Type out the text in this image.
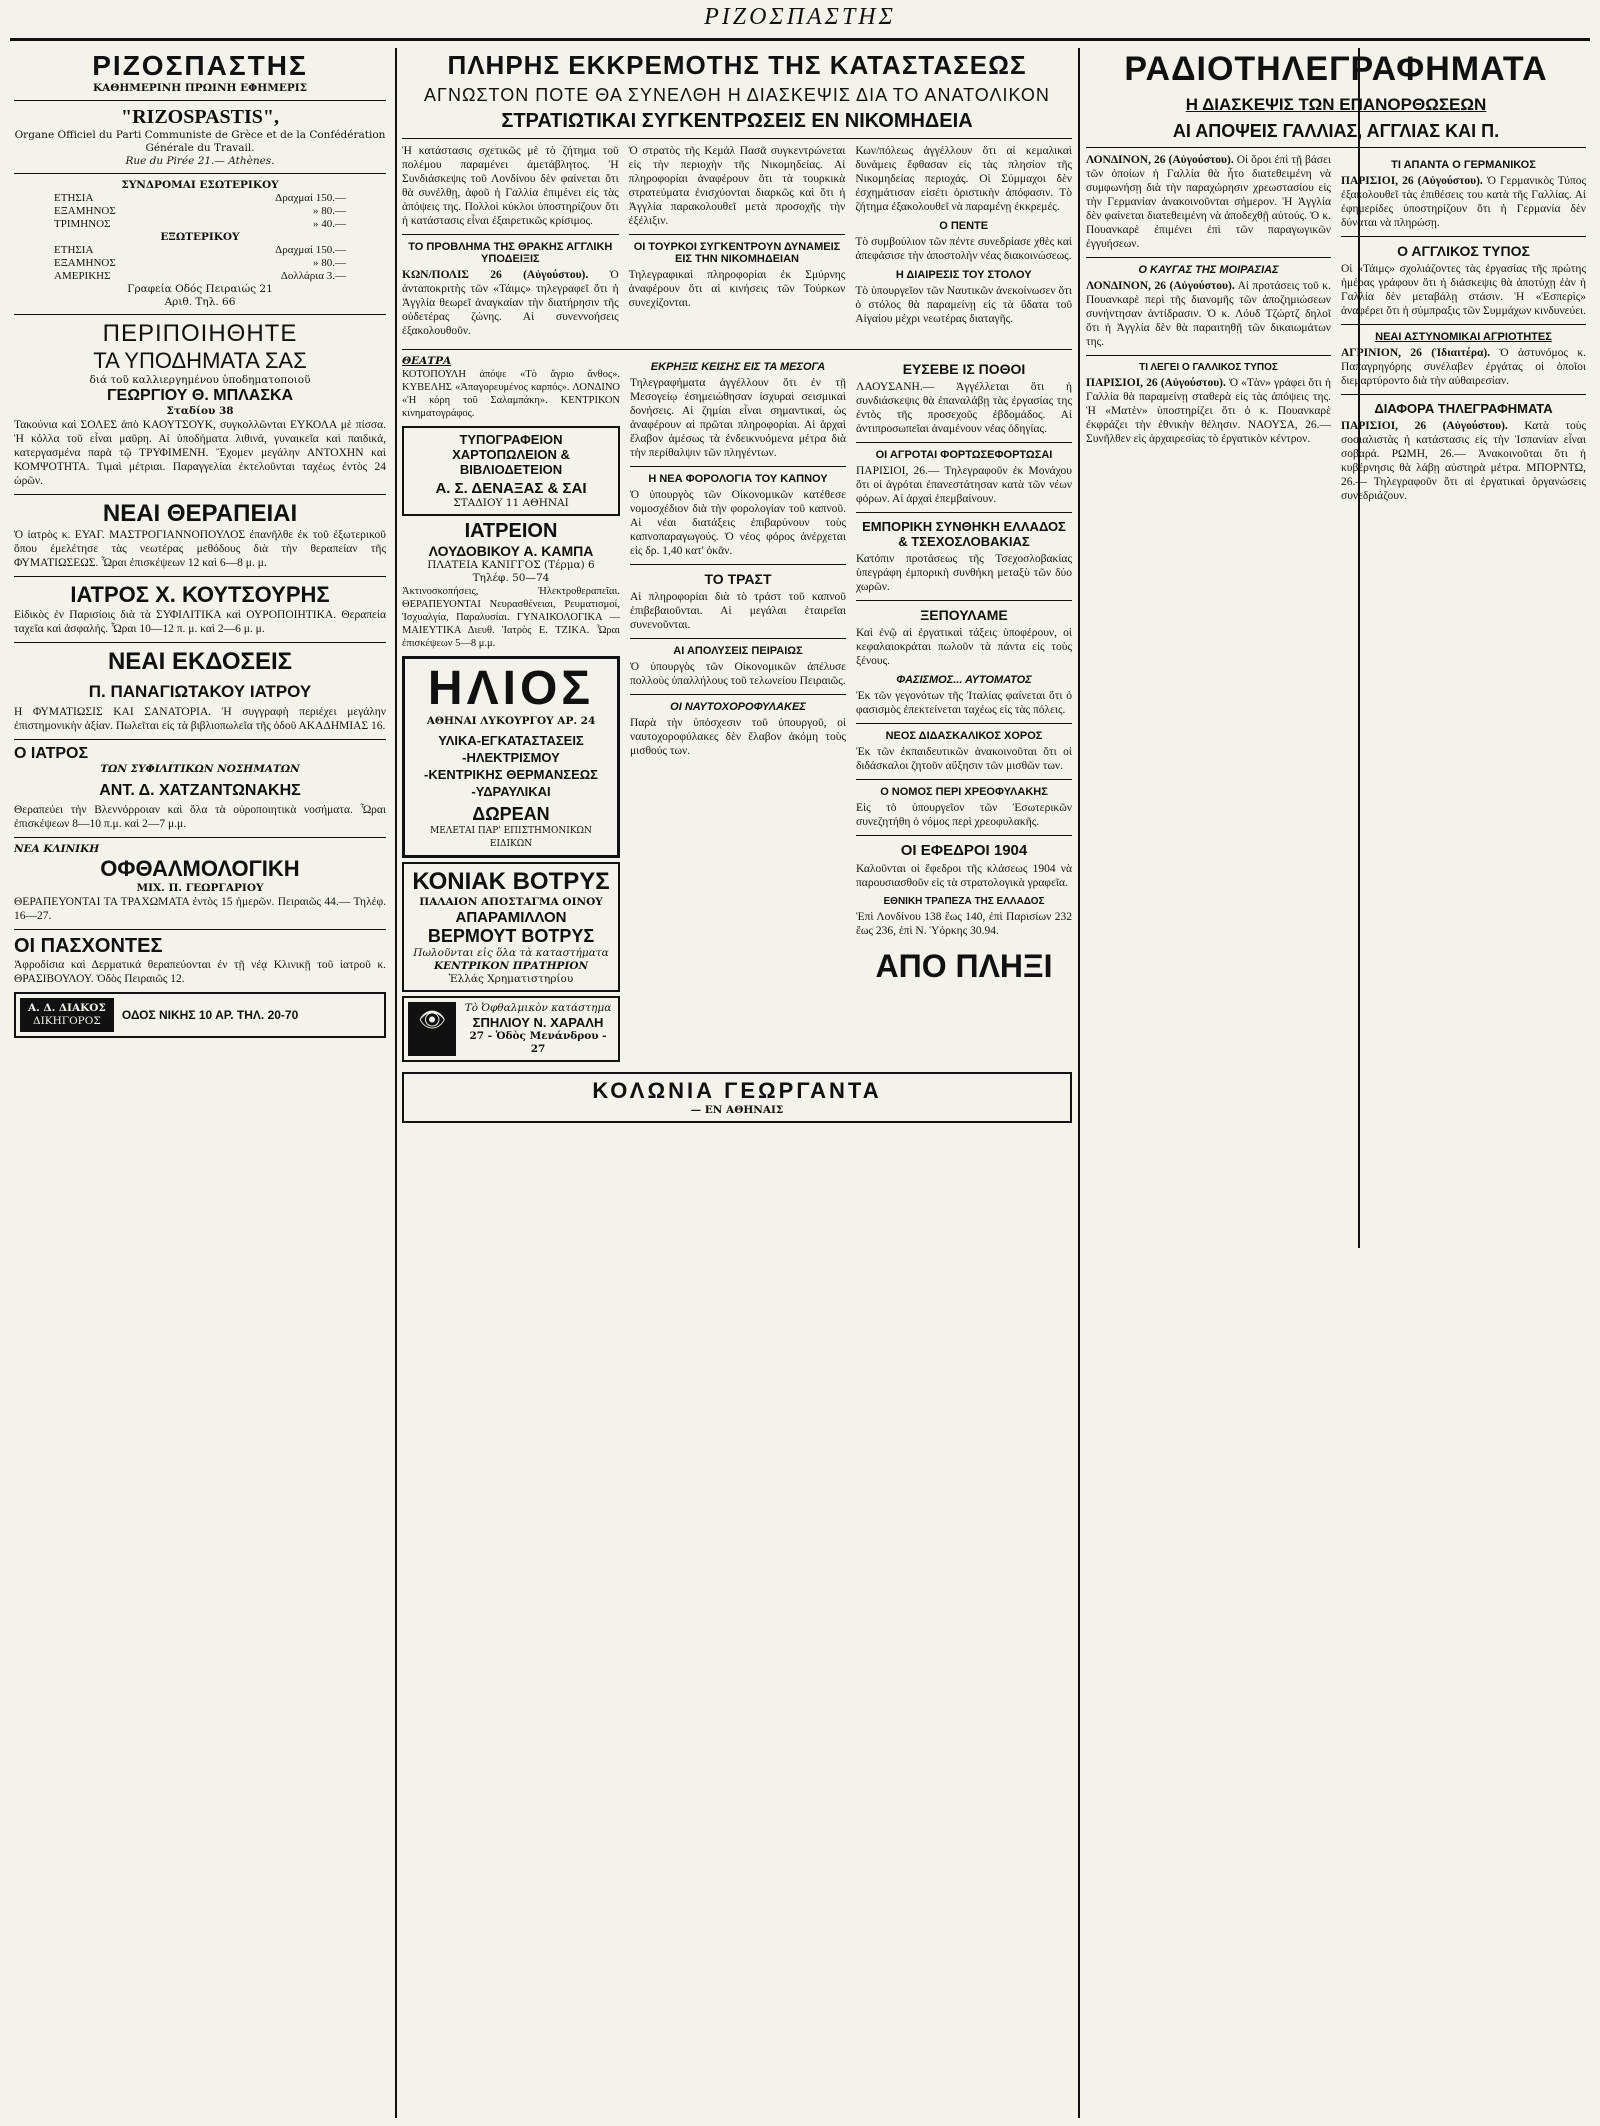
ΡΙΖΟΣΠΑΣΤΗΣ
ΡΙΖΟΣΠΑΣΤΗΣ
ΚΑΘΗΜΕΡΙΝΗ ΠΡΩΙΝΗ ΕΦΗΜΕΡΙΣ
"RIZOSPASTIS",
Organe Officiel du Parti Communiste de Grèce et de la Confédération Générale du Travail.
Rue du Pirée 21.— Athènes.
ΣΥΝΔΡΟΜΑΙ ΕΣΩΤΕΡΙΚΟΥ
ΕΤΗΣΙΑ	Δραχμαί 150.—
ΕΞΑΜΗΝΟΣ	» 80.—
ΤΡΙΜΗΝΟΣ	» 40.—
ΕΞΩΤΕΡΙΚΟΥ
ΕΤΗΣΙΑ	Δραχμαί 150.—
ΕΞΑΜΗΝΟΣ	» 80.—
ΑΜΕΡΙΚΗΣ	Δολλάρια 3.—
Γραφεία Οδός Πειραιώς 21
Αριθ. Τηλ. 66
ΠΕΡΙΠΟΙΗΘΗΤΕ
ΤΑ ΥΠΟΔΗΜΑΤΑ ΣΑΣ
διά τοῦ καλλιεργημένου ὑποδηματοποιοῦ
ΓΕΩΡΓΙΟΥ Θ. ΜΠΛΑΣΚΑ
Σταδίου 38

Τακούνια καὶ ΣΟΛΕΣ ἀπὸ ΚΑΟΥΤΣΟΥΚ, συγκολλῶνται ΕΥΚΟΛΑ μὲ πίσσα. Ἡ κόλλα τοῦ εἶναι μαῦρη. Αἱ ὑποδήματα λιθινά, γυναικεῖα καὶ παιδικά, κατεργασμένα παρὰ τῷ ΤΡΥΦΙΜΕΝΗ. Ἔχομεν μεγάλην ΑΝΤΟΧΗΝ καὶ ΚΟΜΨΟΤΗΤΑ. Τιμαὶ μέτριαι. Παραγγελίαι ἐκτελοῦνται ταχέως ἐντὸς 24 ὡρῶν.

ΝΕΑΙ ΘΕΡΑΠΕΙΑΙ

Ὁ ἰατρὸς κ. ΕΥΑΓ. ΜΑΣΤΡΟΓΙΑΝΝΟΠΟΥΛΟΣ ἐπανῆλθε ἐκ τοῦ ἐξωτερικοῦ ὅπου ἐμελέτησε τὰς νεωτέρας μεθόδους διὰ τὴν θεραπείαν τῆς ΦΥΜΑΤΙΩΣΕΩΣ. Ὧραι ἐπισκέψεων 12 καὶ 6—8 μ. μ.

ΙΑΤΡΟΣ Χ. ΚΟΥΤΣΟΥΡΗΣ

Εἰδικὸς ἐν Παρισίοις διὰ τὰ ΣΥΦΙΛΙΤΙΚΑ καὶ ΟΥΡΟΠΟΙΗΤΙΚΑ. Θεραπεία ταχεῖα καὶ ἀσφαλής. Ὧραι 10—12 π. μ. καὶ 2—6 μ. μ.

ΝΕΑΙ ΕΚΔΟΣΕΙΣ
Π. ΠΑΝΑΓΙΩΤΑΚΟΥ ΙΑΤΡΟΥ

Η ΦΥΜΑΤΙΩΣΙΣ ΚΑΙ ΣΑΝΑΤΟΡΙΑ. Ἡ συγγραφὴ περιέχει μεγάλην ἐπιστημονικὴν ἀξίαν. Πωλεῖται εἰς τὰ βιβλιοπωλεῖα τῆς ὁδοῦ ΑΚΑΔΗΜΙΑΣ 16.

Ο ΙΑΤΡΟΣ
ΤΩΝ ΣΥΦΙΛΙΤΙΚΩΝ ΝΟΣΗΜΑΤΩΝ
ΑΝΤ. Δ. ΧΑΤΖΑΝΤΩΝΑΚΗΣ

Θεραπεύει τὴν Βλεννόρροιαν καὶ ὅλα τὰ οὐροποιητικὰ νοσήματα. Ὧραι ἐπισκέψεων 8—10 π.μ. καὶ 2—7 μ.μ.

ΝΕΑ ΚΛΙΝΙΚΗ
ΟΦΘΑΛΜΟΛΟΓΙΚΗ
ΜΙΧ. Π. ΓΕΩΡΓΑΡΙΟΥ

ΘΕΡΑΠΕΥΟΝΤΑΙ ΤΑ ΤΡΑΧΩΜΑΤΑ ἐντὸς 15 ἡμερῶν. Πειραιῶς 44.— Τηλέφ. 16—27.

ΟΙ ΠΑΣΧΟΝΤΕΣ

Ἀφροδίσια καὶ Δερματικά θεραπεύονται ἐν τῇ νέᾳ Κλινικῇ τοῦ ἰατροῦ κ. ΘΡΑΣΙΒΟΥΛΟΥ. Ὁδὸς Πειραιῶς 12.

Α. Δ. ΔΙΑΚΟΣ
ΔΙΚΗΓΟΡΟΣ	ΟΔΟΣ ΝΙΚΗΣ 10 ΑΡ. ΤΗΛ. 20-70
ΠΛΗΡΗΣ ΕΚΚΡΕΜΟΤΗΣ ΤΗΣ ΚΑΤΑΣΤΑΣΕΩΣ
ΑΓΝΩΣΤΟΝ ΠΟΤΕ ΘΑ ΣΥΝΕΛΘΗ Η ΔΙΑΣΚΕΨΙΣ ΔΙΑ ΤΟ ΑΝΑΤΟΛΙΚΟΝ
ΣΤΡΑΤΙΩΤΙΚΑΙ ΣΥΓΚΕΝΤΡΩΣΕΙΣ ΕΝ ΝΙΚΟΜΗΔΕΙΑ

Ἡ κατάστασις σχετικῶς μὲ τὸ ζήτημα τοῦ πολέμου παραμένει ἀμετάβλητος. Ἡ Συνδιάσκεψις τοῦ Λονδίνου δὲν φαίνεται ὅτι θὰ συνέλθῃ, ἀφοῦ ἡ Γαλλία ἐπιμένει εἰς τὰς ἀπόψεις της. Πολλοὶ κύκλοι ὑποστηρίζουν ὅτι ἡ κατάστασις εἶναι ἐξαιρετικῶς κρίσιμος.

ΤΟ ΠΡΟΒΛΗΜΑ ΤΗΣ ΘΡΑΚΗΣ ΑΓΓΛΙΚΗ ΥΠΟΔΕΙΞΙΣ

ΚΩΝ/ΠΟΛΙΣ 26 (Αὐγούστου). Ὁ ἀνταποκριτὴς τῶν «Τάιμς» τηλεγραφεῖ ὅτι ἡ Ἀγγλία θεωρεῖ ἀναγκαίαν τὴν διατήρησιν τῆς οὐδετέρας ζώνης. Αἱ συνεννοήσεις ἐξακολουθοῦν.

Ὁ στρατὸς τῆς Κεμάλ Πασᾶ συγκεντρώνεται εἰς τὴν περιοχὴν τῆς Νικομηδείας. Αἱ πληροφορίαι ἀναφέρουν ὅτι τὰ τουρκικὰ στρατεύματα ἐνισχύονται διαρκῶς καὶ ὅτι ἡ Ἀγγλία παρακολουθεῖ μετὰ προσοχῆς τὴν ἐξέλιξιν.

ΟΙ ΤΟΥΡΚΟΙ ΣΥΓΚΕΝΤΡΟΥΝ ΔΥΝΑΜΕΙΣ ΕΙΣ ΤΗΝ ΝΙΚΟΜΗΔΕΙΑΝ

Τηλεγραφικαὶ πληροφορίαι ἐκ Σμύρνης ἀναφέρουν ὅτι αἱ κινήσεις τῶν Τούρκων συνεχίζονται.

Κων/πόλεως ἀγγέλλουν ὅτι αἱ κεμαλικαὶ δυνάμεις ἔφθασαν εἰς τὰς πλησίον τῆς Νικομηδείας περιοχάς. Οἱ Σύμμαχοι δὲν ἐσχημάτισαν εἰσέτι ὁριστικὴν ἀπόφασιν. Τὸ ζήτημα ἐξακολουθεῖ νὰ παραμένῃ ἐκκρεμές.

Ο ΠΕΝΤΕ

Τὸ συμβούλιον τῶν πέντε συνεδρίασε χθὲς καὶ ἀπεφάσισε τὴν ἀποστολὴν νέας διακοινώσεως.

Η ΔΙΑΙΡΕΣΙΣ ΤΟΥ ΣΤΟΛΟΥ

Τὸ ὑπουργεῖον τῶν Ναυτικῶν ἀνεκοίνωσεν ὅτι ὁ στόλος θὰ παραμείνῃ εἰς τὰ ὕδατα τοῦ Αἰγαίου μέχρι νεωτέρας διαταγῆς.

ΘΕΑΤΡΑ

ΚΟΤΟΠΟΥΛΗ ἀπόψε «Τὸ ἄγριο ἄνθος». ΚΥΒΕΛΗΣ «Ἀπαγορευμένος καρπός». ΛΟΝΔΙΝΟ «Ἡ κόρη τοῦ Σαλαμπάκη». ΚΕΝΤΡΙΚΟΝ κινηματογράφος.

ΤΥΠΟΓΡΑΦΕΙΟΝ ΧΑΡΤΟΠΩΛΕΙΟΝ & ΒΙΒΛΙΟΔΕΤΕΙΟΝ
Α. Σ. ΔΕΝΑΞΑΣ & ΣΑΙ
ΣΤΑΔΙΟΥ 11 ΑΘΗΝΑΙ
ΙΑΤΡΕΙΟΝ
ΛΟΥΔΟΒΙΚΟΥ Α. ΚΑΜΠΑ
ΠΛΑΤΕΙΑ ΚΑΝΙΓΓΟΣ (Τέρμα) 6
Τηλέφ. 50—74

Ἀκτινοσκοπήσεις, Ἠλεκτροθεραπεῖαι. ΘΕΡΑΠΕΥΟΝΤΑΙ Νευρασθένειαι, Ρευματισμοί, Ἰσχυαλγία, Παραλυσίαι. ΓΥΝΑΙΚΟΛΟΓΙΚΑ — ΜΑΙΕΥΤΙΚΑ Διευθ. Ἰατρὸς Ε. ΤΖΙΚΑ. Ὧραι ἐπισκέψεων 5—8 μ.μ.

ΗΛΙΟΣ
ΑΘΗΝΑΙ ΛΥΚΟΥΡΓΟΥ ΑΡ. 24
ΥΛΙΚΑ-ΕΓΚΑΤΑΣΤΑΣΕΙΣ
-ΗΛΕΚΤΡΙΣΜΟΥ
-ΚΕΝΤΡΙΚΗΣ ΘΕΡΜΑΝΣΕΩΣ
-ΥΔΡΑΥΛΙΚΑΙ
ΔΩΡΕΑΝ
ΜΕΛΕΤΑΙ ΠΑΡ' ΕΠΙΣΤΗΜΟΝΙΚΩΝ ΕΙΔΙΚΩΝ
ΚΟΝΙΑΚ ΒΟΤΡΥΣ
ΠΑΛΑΙΟΝ ΑΠΟΣΤΑΓΜΑ ΟΙΝΟΥ
ΑΠΑΡΑΜΙΛΛΟΝ
ΒΕΡΜΟΥΤ ΒΟΤΡΥΣ
Πωλοῦνται εἰς ὅλα τὰ καταστήματα
ΚΕΝΤΡΙΚΟΝ ΠΡΑΤΗΡΙΟΝ
Ἑλλάς Χρηματιστηρίου
👁	Τὸ Ὀφθαλμικὸν κατάστημα
ΣΠΗΛΙΟΥ Ν. ΧΑΡΑΛΗ
27 - Ὁδὸς Μενάνδρου - 27
ΕΚΡΗΞΙΣ ΚΕΙΣΗΣ ΕΙΣ ΤΑ ΜΕΣΟΓΑ

Τηλεγραφήματα ἀγγέλλουν ὅτι ἐν τῇ Μεσογείῳ ἐσημειώθησαν ἰσχυραὶ σεισμικαὶ δονήσεις. Αἱ ζημίαι εἶναι σημαντικαί, ὡς ἀναφέρουν αἱ πρῶται πληροφορίαι. Αἱ ἀρχαὶ ἔλαβον ἀμέσως τὰ ἐνδεικνυόμενα μέτρα διὰ τὴν περίθαλψιν τῶν πληγέντων.

Η ΝΕΑ ΦΟΡΟΛΟΓΙΑ ΤΟΥ ΚΑΠΝΟΥ

Ὁ ὑπουργὸς τῶν Οἰκονομικῶν κατέθεσε νομοσχέδιον διὰ τὴν φορολογίαν τοῦ καπνοῦ. Αἱ νέαι διατάξεις ἐπιβαρύνουν τοὺς καπνοπαραγωγούς. Ὁ νέος φόρος ἀνέρχεται εἰς δρ. 1,40 κατ' ὀκᾶν.

ΤΟ ΤΡΑΣΤ

Αἱ πληροφορίαι διὰ τὸ τράστ τοῦ καπνοῦ ἐπιβεβαιοῦνται. Αἱ μεγάλαι ἑταιρεῖαι συνενοῦνται.

ΑΙ ΑΠΟΛΥΣΕΙΣ ΠΕΙΡΑΙΩΣ

Ὁ ὑπουργὸς τῶν Οἰκονομικῶν ἀπέλυσε πολλοὺς ὑπαλλήλους τοῦ τελωνείου Πειραιῶς.

ΟΙ ΝΑΥΤΟΧΟΡΟΦΥΛΑΚΕΣ

Παρὰ τὴν ὑπόσχεσιν τοῦ ὑπουργοῦ, οἱ ναυτοχοροφύλακες δὲν ἔλαβον ἀκόμη τοὺς μισθούς των.

ΕΥΣΕΒΕ ΙΣ ΠΟΘΟΙ

ΛΑΟΥΣΑΝΗ.— Ἀγγέλλεται ὅτι ἡ συνδιάσκεψις θὰ ἐπαναλάβῃ τὰς ἐργασίας της ἐντὸς τῆς προσεχοῦς ἑβδομάδος. Αἱ ἀντιπροσωπεῖαι ἀναμένουν νέας ὁδηγίας.

ΟΙ ΑΓΡΟΤΑΙ ΦΟΡΤΩΣΕΦΟΡΤΩΣΑΙ

ΠΑΡΙΣΙΟΙ, 26.— Τηλεγραφοῦν ἐκ Μονάχου ὅτι οἱ ἀγρόται ἐπανεστάτησαν κατὰ τῶν νέων φόρων. Αἱ ἀρχαὶ ἐπεμβαίνουν.

ΕΜΠΟΡΙΚΗ ΣΥΝΘΗΚΗ ΕΛΛΑΔΟΣ & ΤΣΕΧΟΣΛΟΒΑΚΙΑΣ

Κατόπιν προτάσεως τῆς Τσεχοσλοβακίας ὑπεγράφη ἐμπορικὴ συνθήκη μεταξὺ τῶν δύο χωρῶν.

ΞΕΠΟΥΛΑΜΕ

Καὶ ἐνῷ αἱ ἐργατικαὶ τάξεις ὑποφέρουν, οἱ κεφαλαιοκράται πωλοῦν τὰ πάντα εἰς τοὺς ξένους.

ΦΑΣΙΣΜΟΣ... ΑΥΤΟΜΑΤΟΣ

Ἐκ τῶν γεγονότων τῆς Ἰταλίας φαίνεται ὅτι ὁ φασισμὸς ἐπεκτείνεται ταχέως εἰς τὰς πόλεις.

ΝΕΟΣ ΔΙΔΑΣΚΑΛΙΚΟΣ ΧΟΡΟΣ

Ἐκ τῶν ἐκπαιδευτικῶν ἀνακοινοῦται ὅτι οἱ διδάσκαλοι ζητοῦν αὔξησιν τῶν μισθῶν των.

Ο ΝΟΜΟΣ ΠΕΡΙ ΧΡΕΟΦΥΛΑΚΗΣ

Εἰς τὸ ὑπουργεῖον τῶν Ἐσωτερικῶν συνεζητήθη ὁ νόμος περὶ χρεοφυλακῆς.

ΟΙ ΕΦΕΔΡΟΙ 1904

Καλοῦνται οἱ ἔφεδροι τῆς κλάσεως 1904 νὰ παρουσιασθοῦν εἰς τὰ στρατολογικὰ γραφεῖα.

ΕΘΝΙΚΗ ΤΡΑΠΕΖΑ ΤΗΣ ΕΛΛΑΔΟΣ

Ἐπὶ Λονδίνου 138 ἕως 140, ἐπὶ Παρισίων 232 ἕως 236, ἐπὶ Ν. Ὑόρκης 30.94.

ΑΠΟ ΠΛΗΞΙ
ΚΟΛΩΝΙΑ ΓΕΩΡΓΑΝΤΑ
— ΕΝ ΑΘΗΝΑΙΣ
ΡΑΔΙΟΤΗΛΕΓΡΑΦΗΜΑΤΑ
Η ΔΙΑΣΚΕΨΙΣ ΤΩΝ ΕΠΑΝΟΡΘΩΣΕΩΝ
ΑΙ ΑΠΟΨΕΙΣ ΓΑΛΛΙΑΣ, ΑΓΓΛΙΑΣ ΚΑΙ Π.

ΛΟΝΔΙΝΟΝ, 26 (Αὐγούστου). Οἱ ὅροι ἐπὶ τῇ βάσει τῶν ὁποίων ἡ Γαλλία θὰ ἦτο διατεθειμένη νὰ συμφωνήσῃ διὰ τὴν παραχώρησιν χρεωστασίου εἰς τὴν Γερμανίαν ἀνακοινοῦνται σήμερον. Ἡ Ἀγγλία δὲν φαίνεται διατεθειμένη νὰ ἀποδεχθῇ αὐτούς. Ὁ κ. Πουανκαρὲ ἐπιμένει ἐπὶ τῶν παραγωγικῶν ἐγγυήσεων.

Ο ΚΑΥΓΑΣ ΤΗΣ ΜΟΙΡΑΣΙΑΣ

ΛΟΝΔΙΝΟΝ, 26 (Αὐγούστου). Αἱ προτάσεις τοῦ κ. Πουανκαρὲ περὶ τῆς διανομῆς τῶν ἀποζημιώσεων συνήντησαν ἀντίδρασιν. Ὁ κ. Λόυδ Τζώρτζ δηλοῖ ὅτι ἡ Ἀγγλία δὲν θὰ παραιτηθῇ τῶν δικαιωμάτων της.

ΤΙ ΛΕΓΕΙ Ο ΓΑΛΛΙΚΟΣ ΤΥΠΟΣ

ΠΑΡΙΣΙΟΙ, 26 (Αὐγούστου). Ὁ «Τὰν» γράφει ὅτι ἡ Γαλλία θὰ παραμείνῃ σταθερὰ εἰς τὰς ἀπόψεις της. Ἡ «Ματὲν» ὑποστηρίζει ὅτι ὁ κ. Πουανκαρὲ ἐκφράζει τὴν ἐθνικὴν θέλησιν. ΝΑΟΥΣΑ, 26.— Συνῆλθεν εἰς ἀρχαιρεσίας τὸ ἐργατικὸν κέντρον.

ΤΙ ΑΠΑΝΤΑ Ο ΓΕΡΜΑΝΙΚΟΣ

ΠΑΡΙΣΙΟΙ, 26 (Αὐγούστου). Ὁ Γερμανικὸς Τύπος ἐξακολουθεῖ τὰς ἐπιθέσεις του κατὰ τῆς Γαλλίας. Αἱ ἐφημερίδες ὑποστηρίζουν ὅτι ἡ Γερμανία δὲν δύναται νὰ πληρώσῃ.

Ο ΑΓΓΛΙΚΟΣ ΤΥΠΟΣ

Οἱ «Τάιμς» σχολιάζοντες τὰς ἐργασίας τῆς πρώτης ἡμέρας γράφουν ὅτι ἡ διάσκεψις θὰ ἀποτύχῃ ἐὰν ἡ Γαλλία δὲν μεταβάλῃ στάσιν. Ἡ «Ἑσπερὶς» ἀναφέρει ὅτι ἡ σύμπραξις τῶν Συμμάχων κινδυνεύει.

ΝΕΑΙ ΑΣΤΥΝΟΜΙΚΑΙ ΑΓΡΙΟΤΗΤΕΣ

ΑΓΡΙΝΙΟΝ, 26 (Ἰδιαιτέρα). Ὁ ἀστυνόμος κ. Παπαγρηγόρης συνέλαβεν ἐργάτας οἱ ὁποῖοι διεμαρτύροντο διὰ τὴν αὐθαιρεσίαν.

ΔΙΑΦΟΡΑ ΤΗΛΕΓΡΑΦΗΜΑΤΑ

ΠΑΡΙΣΙΟΙ, 26 (Αὐγούστου). Κατὰ τοὺς σοσιαλιστὰς ἡ κατάστασις εἰς τὴν Ἰσπανίαν εἶναι σοβαρά. ΡΩΜΗ, 26.— Ἀνακοινοῦται ὅτι ἡ κυβέρνησις θὰ λάβῃ αὐστηρὰ μέτρα. ΜΠΟΡΝΤΩ, 26.— Τηλεγραφοῦν ὅτι αἱ ἐργατικαὶ ὀργανώσεις συνεδριάζουν.
